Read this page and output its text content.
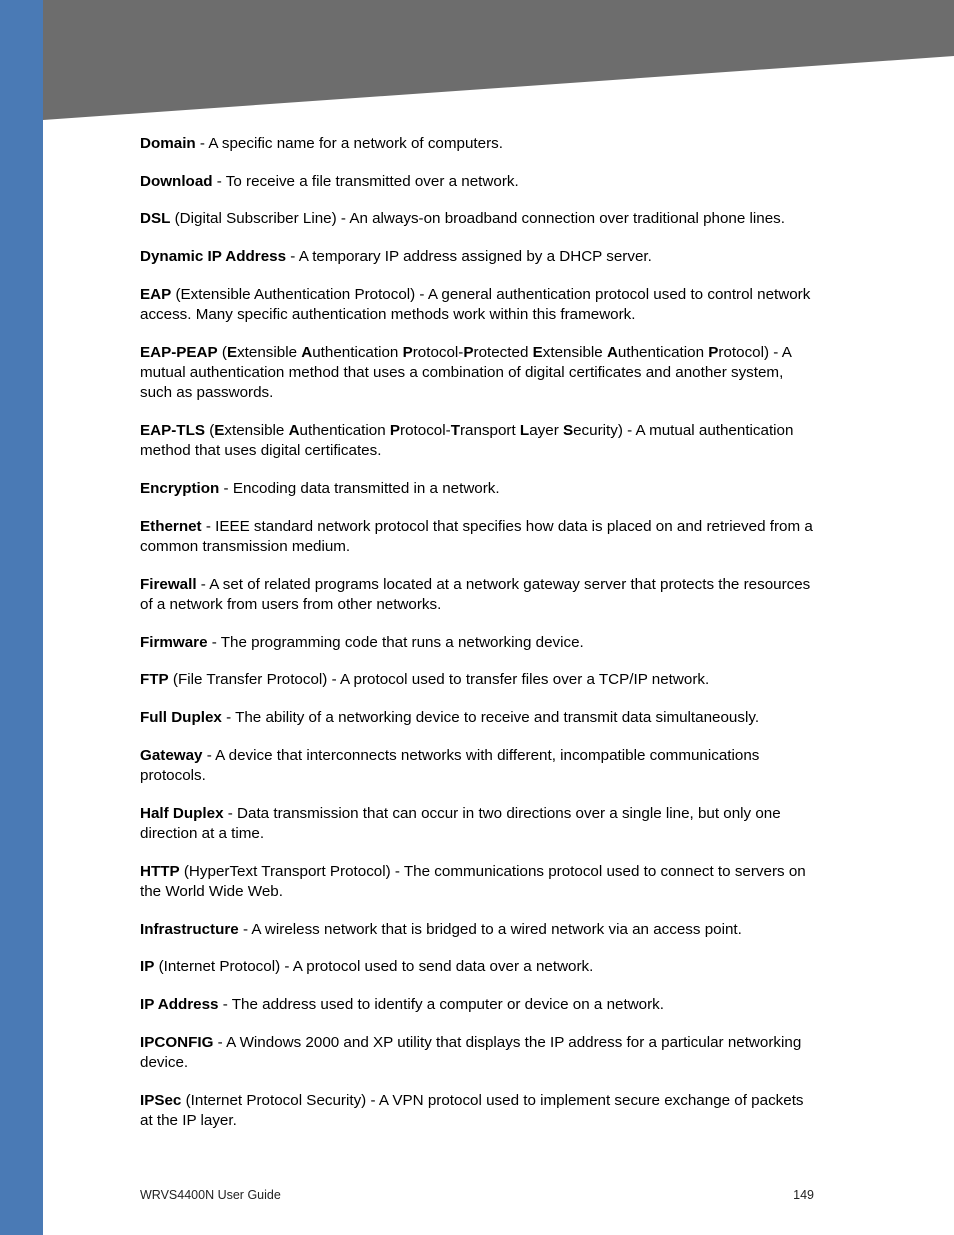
Domain - A specific name for a network of computers.

Download - To receive a file transmitted over a network.

DSL (Digital Subscriber Line) - An always-on broadband connection over traditional phone lines.

Dynamic IP Address - A temporary IP address assigned by a DHCP server.

EAP (Extensible Authentication Protocol) - A general authentication protocol used to control network access. Many specific authentication methods work within this framework.

EAP-PEAP (Extensible Authentication Protocol-Protected Extensible Authentication Protocol) - A mutual authentication method that uses a combination of digital certificates and another system, such as passwords.

EAP-TLS (Extensible Authentication Protocol-Transport Layer Security) - A mutual authentication method that uses digital certificates.

Encryption - Encoding data transmitted in a network.

Ethernet - IEEE standard network protocol that specifies how data is placed on and retrieved from a common transmission medium.

Firewall - A set of related programs located at a network gateway server that protects the resources of a network from users from other networks.

Firmware - The programming code that runs a networking device.

FTP (File Transfer Protocol) - A protocol used to transfer files over a TCP/IP network.

Full Duplex - The ability of a networking device to receive and transmit data simultaneously.

Gateway - A device that interconnects networks with different, incompatible communications protocols.

Half Duplex - Data transmission that can occur in two directions over a single line, but only one direction at a time.

HTTP (HyperText Transport Protocol) - The communications protocol used to connect to servers on the World Wide Web.

Infrastructure - A wireless network that is bridged to a wired network via an access point.

IP (Internet Protocol) - A protocol used to send data over a network.

IP Address - The address used to identify a computer or device on a network.

IPCONFIG - A Windows 2000 and XP utility that displays the IP address for a particular networking device.

IPSec (Internet Protocol Security) - A VPN protocol used to implement secure exchange of packets at the IP layer.

WRVS4400N User Guide	149
